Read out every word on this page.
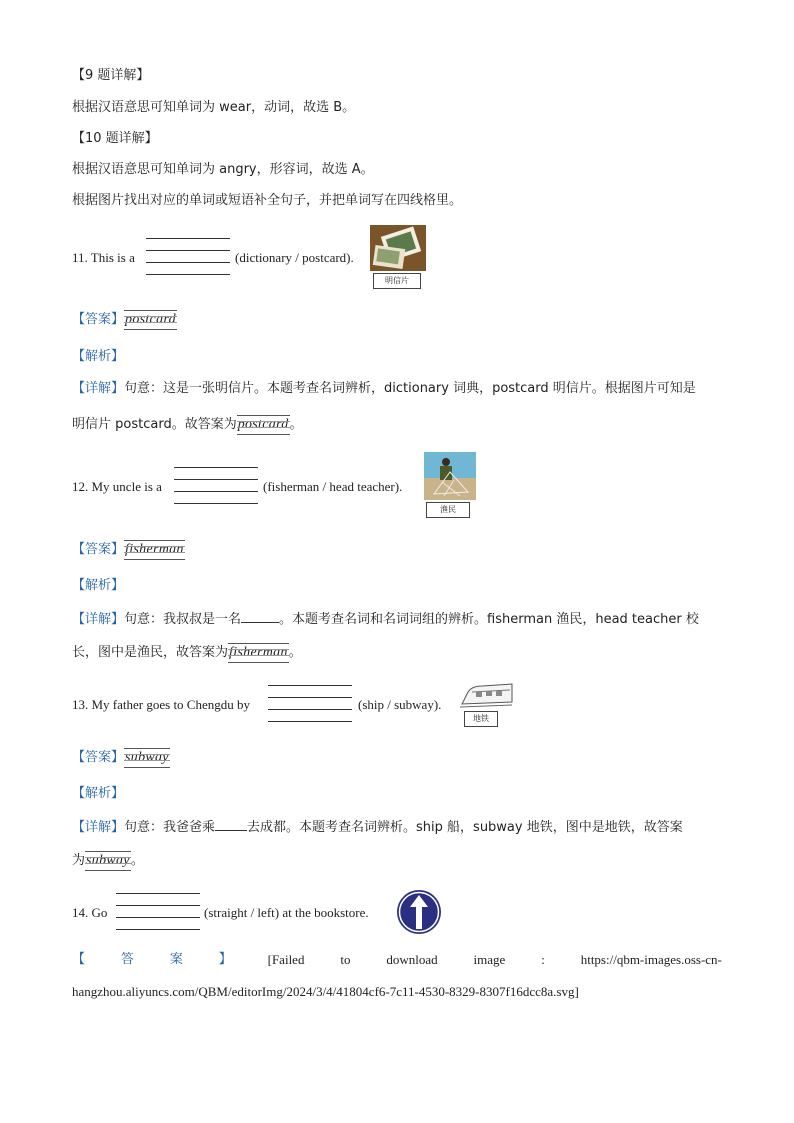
【9 题详解】
根据汉语意思可知单词为 wear，动词，故选 B。
【10 题详解】
根据汉语意思可知单词为 angry，形容词，故选 A。
根据图片找出对应的单词或短语补全句子，并把单词写在四线格里。
11. This is a	(dictionary / postcard).
明信片
【答案】postcard
【解析】
【详解】句意：这是一张明信片。本题考查名词辨析，dictionary 词典，postcard 明信片。根据图片可知是
明信片 postcard。故答案为postcard。
12. My uncle is a	(fisherman / head teacher).
渔民
【答案】fisherman
【解析】
【详解】句意：我叔叔是一名	。本题考查名词和名词词组的辨析。fisherman 渔民，head teacher 校
长，图中是渔民，故答案为fisherman。
13. My father goes to Chengdu by	(ship / subway).
地铁
【答案】subway
【解析】
【详解】句意：我爸爸乘 去成都。本题考查名词辨析。ship 船，subway 地铁，图中是地铁，故答案
为subway。
14. Go	(straight / left) at the bookstore.
【	答	案	】	[Failed	to	download	image	:	https://qbm-images.oss-cn-
hangzhou.aliyuncs.com/QBM/editorImg/2024/3/4/41804cf6-7c11-4530-8329-8307f16dcc8a.svg]
